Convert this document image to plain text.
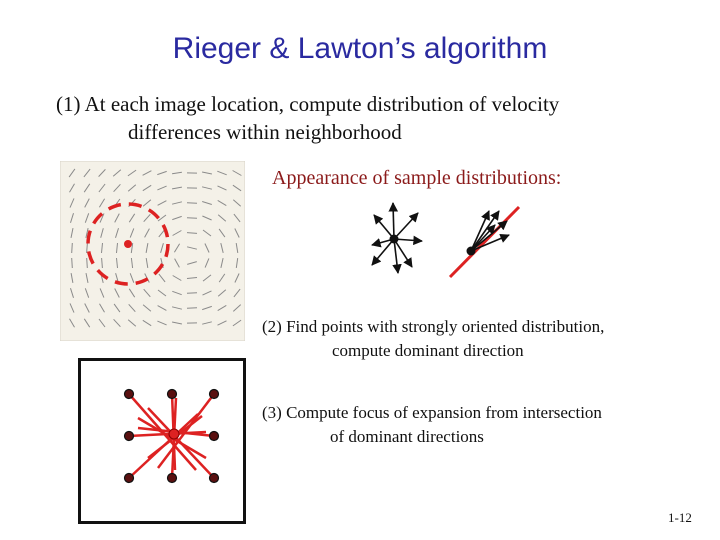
Rieger & Lawton’s algorithm
(1) At each image location, compute distribution of velocity
differences within neighborhood
Appearance of sample distributions:
(2) Find points with strongly oriented distribution,
compute dominant direction
(3) Compute focus of expansion from intersection
of dominant directions
1-12
